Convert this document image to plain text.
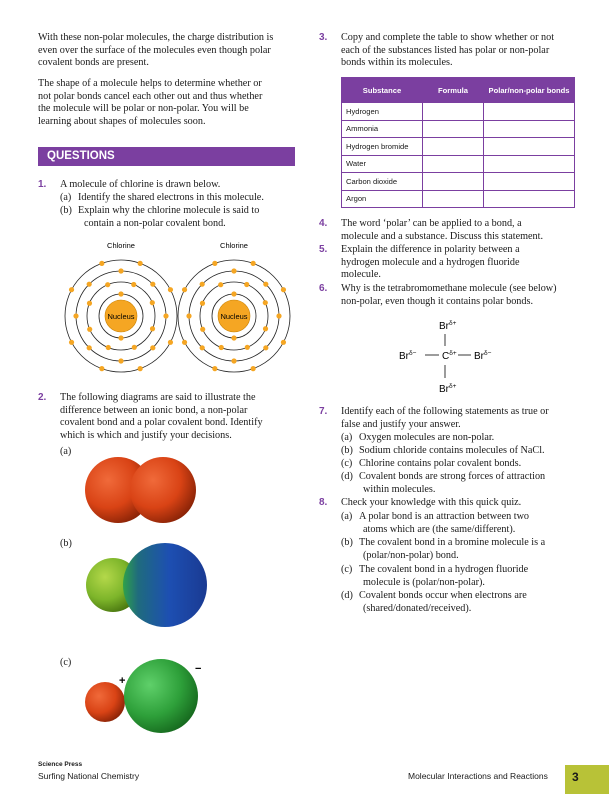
With these non-polar molecules, the charge distribution is
even over the surface of the molecules even though polar
covalent bonds are present.
The shape of a molecule helps to determine whether or
not polar bonds cancel each other out and thus whether
the molecule will be polar or non-polar. You will be
learning about shapes of molecules soon.
QUESTIONS
1. A molecule of chlorine is drawn below.
(a) Identify the shared electrons in this molecule.
(b) Explain why the chlorine molecule is said to
contain a non-polar covalent bond.
Chlorine	Chlorine
Nucleus	Nucleus
2. The following diagrams are said to illustrate the
difference between an ionic bond, a non-polar
covalent bond and a polar covalent bond. Identify
which is which and justify your decisions.
(a)
(b)
(c)
+
−
3. Copy and complete the table to show whether or not
each of the substances listed has polar or non-polar
bonds within its molecules.
Substance	Formula	Polar/non-polar bonds
Hydrogen		
Ammonia		
Hydrogen bromide		
Water		
Carbon dioxide		
Argon		
4. The word ‘polar’ can be applied to a bond, a
molecule and a substance. Discuss this statement.
5. Explain the difference in polarity between a
hydrogen molecule and a hydrogen fluoride
molecule.
6. Why is the tetrabromomethane molecule (see below)
non-polar, even though it contains polar bonds.
$Br^{\delta+}$
$Br^{\delta-}$	$C^{\delta+}$ $Br^{\delta-}$
$Br^{\delta+}$
7. Identify each of the following statements as true or
false and justify your answer.
(a) Oxygen molecules are non-polar.
(b) Sodium chloride contains molecules of NaCl.
(c) Chlorine contains polar covalent bonds.
(d) Covalent bonds are strong forces of attraction
within molecules.
8. Check your knowledge with this quick quiz.
(a) A polar bond is an attraction between two
atoms which are (the same/different).
(b) The covalent bond in a bromine molecule is a
(polar/non-polar) bond.
(c) The covalent bond in a hydrogen fluoride
molecule is (polar/non-polar).
(d) Covalent bonds occur when electrons are
(shared/donated/received).
Science Press
Surfing National Chemistry	Molecular Interactions and Reactions	3
